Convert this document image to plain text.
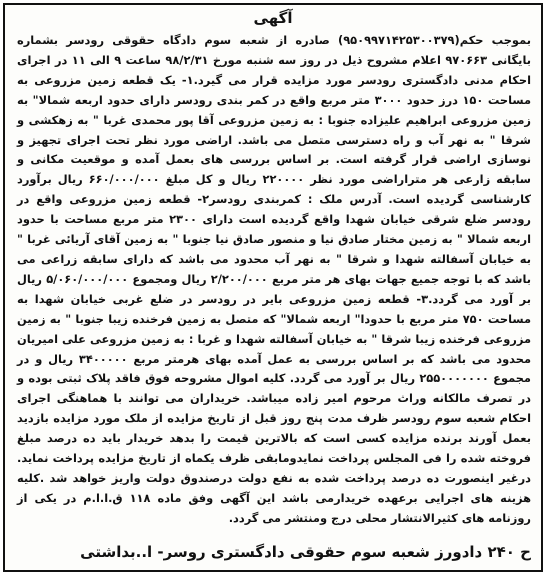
آگهی

بموجب حکم(۹۵۰۹۹۷۱۴۲۵۳۰۰۳۷۹) صادره از شعبه سوم دادگاه حقوقی رودسر بشماره بایگانی ۹۷۰۶۶۳ اعلام مشروح ذیل در روز سه شنبه مورخ ۹۸/۲/۳۱ ساعت ۹ الی ۱۱ در اجرای احکام مدنی دادگستری رودسر مورد مزایده قرار می گیرد.۱- یک قطعه زمین مزروعی به مساحت ۱۵۰ درز حدود ۳۰۰۰ متر مربع واقع در کمر بندی رودسر دارای حدود اربعه شمالا" به زمین مزروعی ابراهیم علیزاده جنوبا : به زمین مزروعی آقا پور محمدی غربا " به زهکشی و شرقا " به نهر آب و راه دسترسی متصل می باشد. اراضی مورد نظر تحت اجرای تجهیز و نوسازی اراضی قرار گرفته است. بر اساس بررسی های بعمل آمده و موقعیت مکانی و سابقه زارعی هر متراراضی مورد نظر ۲۲۰۰۰۰ ریال و کل مبلغ ۶۶۰/۰۰۰/۰۰۰ ریال برآورد کارشناسی گردیده است. آدرس ملک : کمربندی رودسر۲- قطعه زمین مزروعی واقع در رودسر ضلع شرقی خیابان شهدا واقع گردیده است دارای ۲۳۰۰ متر مربع مساحت با حدود اربعه شمالا " به زمین مختار صادق نیا و منصور صادق نیا جنوبا " به زمین آقای آریائی غربا " به خیابان آسفالته شهدا و شرقا " به نهر آب محدود می باشد که دارای سابقه زراعی می باشد که با توجه جمیع جهات بهای هر متر مربع ۲/۲۰۰/۰۰۰ ریال ومجموع ۵/۰۶۰/۰۰۰/۰۰۰ ریال بر آورد می گردد.۳- قطعه زمین مزروعی بایر در رودسر در ضلع غربی خیابان شهدا به مساحت ۷۵۰ متر مربع با حدودا" اربعه شمالا" که متصل به زمین فرخنده زیبا جنوبا " به زمین مزروعی فرخنده زیبا شرقا " به خیابان آسفالته شهدا و غربا : به زمین مزروعی علی امیریان محدود می باشد که بر اساس بررسی به عمل آمده بهای هرمتر مربع ۳۴۰۰۰۰۰ ریال و در مجموع ۲۵۵۰۰۰۰۰۰۰ ریال بر آورد می گردد. کلیه اموال مشروحه فوق فاقد پلاک ثبتی بوده و در تصرف مالکانه وراث مرحوم امیر زاده میباشد. خریداران می توانند با هماهنگی اجرای احکام شعبه سوم رودسر ظرف مدت پنج روز قبل از تاریخ مزایده از ملک مورد مزایده بازدید بعمل آورند برنده مزایده کسی است که بالاترین قیمت را بدهد خریدار باید ده درصد مبلغ فروخته شده را فی المجلس پرداخت نمایدومابقی ظرف یکماه از تاریخ مزایده پرداخت نماید. درغیر اینصورت ده درصد پرداخت شده به نفع دولت درصندوق دولت واریز خواهد شد .کلیه هزینه های اجرایی برعهده خریدارمی باشد این آگهی وفق ماده ۱۱۸ ق.ا.ا.م در یکی از روزنامه های کثیرالانتشار محلی درج ومنتشر می گردد.

ح ۲۴۰ دادورز شعبه سوم حقوقی دادگستری روسر- ا..بداشتی
